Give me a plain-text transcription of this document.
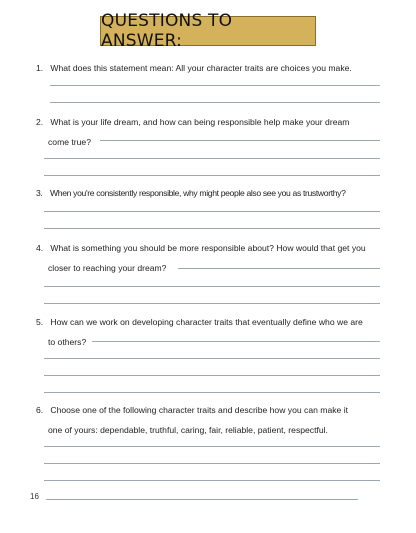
QUESTIONS TO ANSWER:
1. What does this statement mean: All your character traits are choices you make.
2. What is your life dream, and how can being responsible help make your dream
come true?
3. When you're consistently responsible, why might people also see you as trustworthy?
4. What is something you should be more responsible about? How would that get you
closer to reaching your dream?
5. How can we work on developing character traits that eventually define who we are
to others?
6. Choose one of the following character traits and describe how you can make it
one of yours: dependable, truthful, caring, fair, reliable, patient, respectful.
16
